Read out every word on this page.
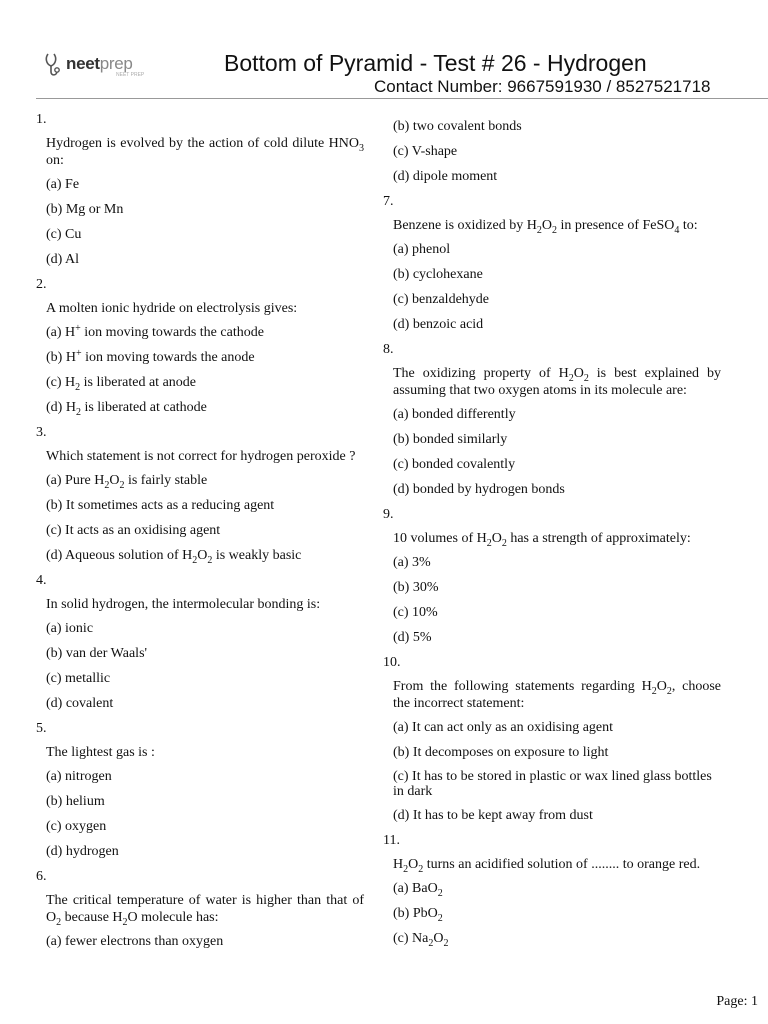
neetprep
NEET PREP	Bottom of Pyramid - Test # 26 - Hydrogen
Contact Number: 9667591930 / 8527521718
1.
Hydrogen is evolved by the action of cold dilute $HNO_3$ on:
(a) Fe
(b) Mg or Mn
(c) Cu
(d) Al
2.
A molten ionic hydride on electrolysis gives:
(a) H+ ion moving towards the cathode
(b) H+ ion moving towards the anode
(c) $H_2$ is liberated at anode
(d) $H_2$ is liberated at cathode
3.
Which statement is not correct for hydrogen peroxide ?
(a) Pure $H_2O_2$ is fairly stable
(b) It sometimes acts as a reducing agent
(c) It acts as an oxidising agent
(d) Aqueous solution of $H_2O_2$ is weakly basic
4.
In solid hydrogen, the intermolecular bonding is:
(a) ionic
(b) van der Waals'
(c) metallic
(d) covalent
5.
The lightest gas is :
(a) nitrogen
(b) helium
(c) oxygen
(d) hydrogen
6.
The critical temperature of water is higher than that of $O_2$ because $H_2O$ molecule has:
(a) fewer electrons than oxygen
(b) two covalent bonds
(c) V-shape
(d) dipole moment
7.
Benzene is oxidized by $H_2O_2$ in presence of FeSO$_4$ to:
(a) phenol
(b) cyclohexane
(c) benzaldehyde
(d) benzoic acid
8.
The oxidizing property of $H_2O_2$ is best explained by assuming that two oxygen atoms in its molecule are:
(a) bonded differently
(b) bonded similarly
(c) bonded covalently
(d) bonded by hydrogen bonds
9.
10 volumes of $H_2O_2$ has a strength of approximately:
(a) 3%
(b) 30%
(c) 10%
(d) 5%
10.
From the following statements regarding $H_2O_2$, choose the incorrect statement:
(a) It can act only as an oxidising agent
(b) It decomposes on exposure to light
(c) It has to be stored in plastic or wax lined glass bottles in dark
(d) It has to be kept away from dust
11.
$H_2O_2$ turns an acidified solution of ........ to orange red.
(a) BaO$_2$
(b) PbO$_2$
(c) $Na_2O_2$
Page: 1
